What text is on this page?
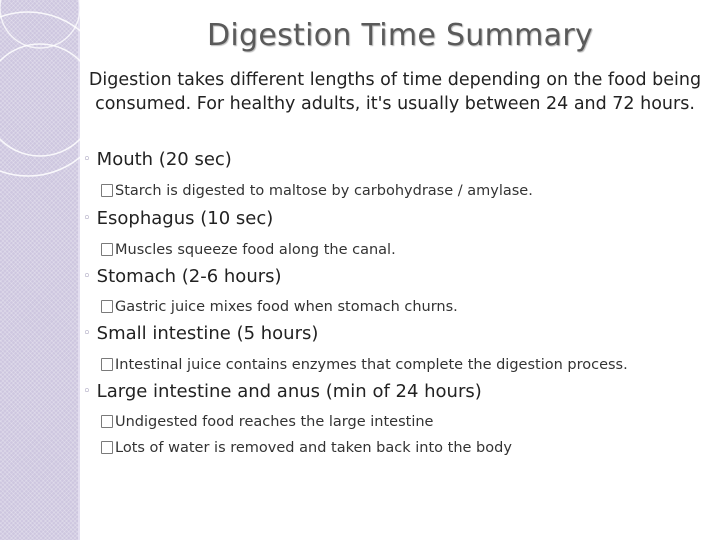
Digestion Time Summary
Digestion takes different lengths of time depending on the food being consumed. For healthy adults, it's usually between 24 and 72 hours.
◦ Mouth (20 sec)
Starch is digested to maltose by carbohydrase / amylase.
◦ Esophagus (10 sec)
Muscles squeeze food along the canal.
◦ Stomach (2-6 hours)
Gastric juice mixes food when stomach churns.
◦ Small intestine (5 hours)
Intestinal juice contains enzymes that complete the digestion process.
◦ Large intestine and anus (min of 24 hours)
Undigested food reaches the large intestine
Lots of water is removed and taken back into the body
